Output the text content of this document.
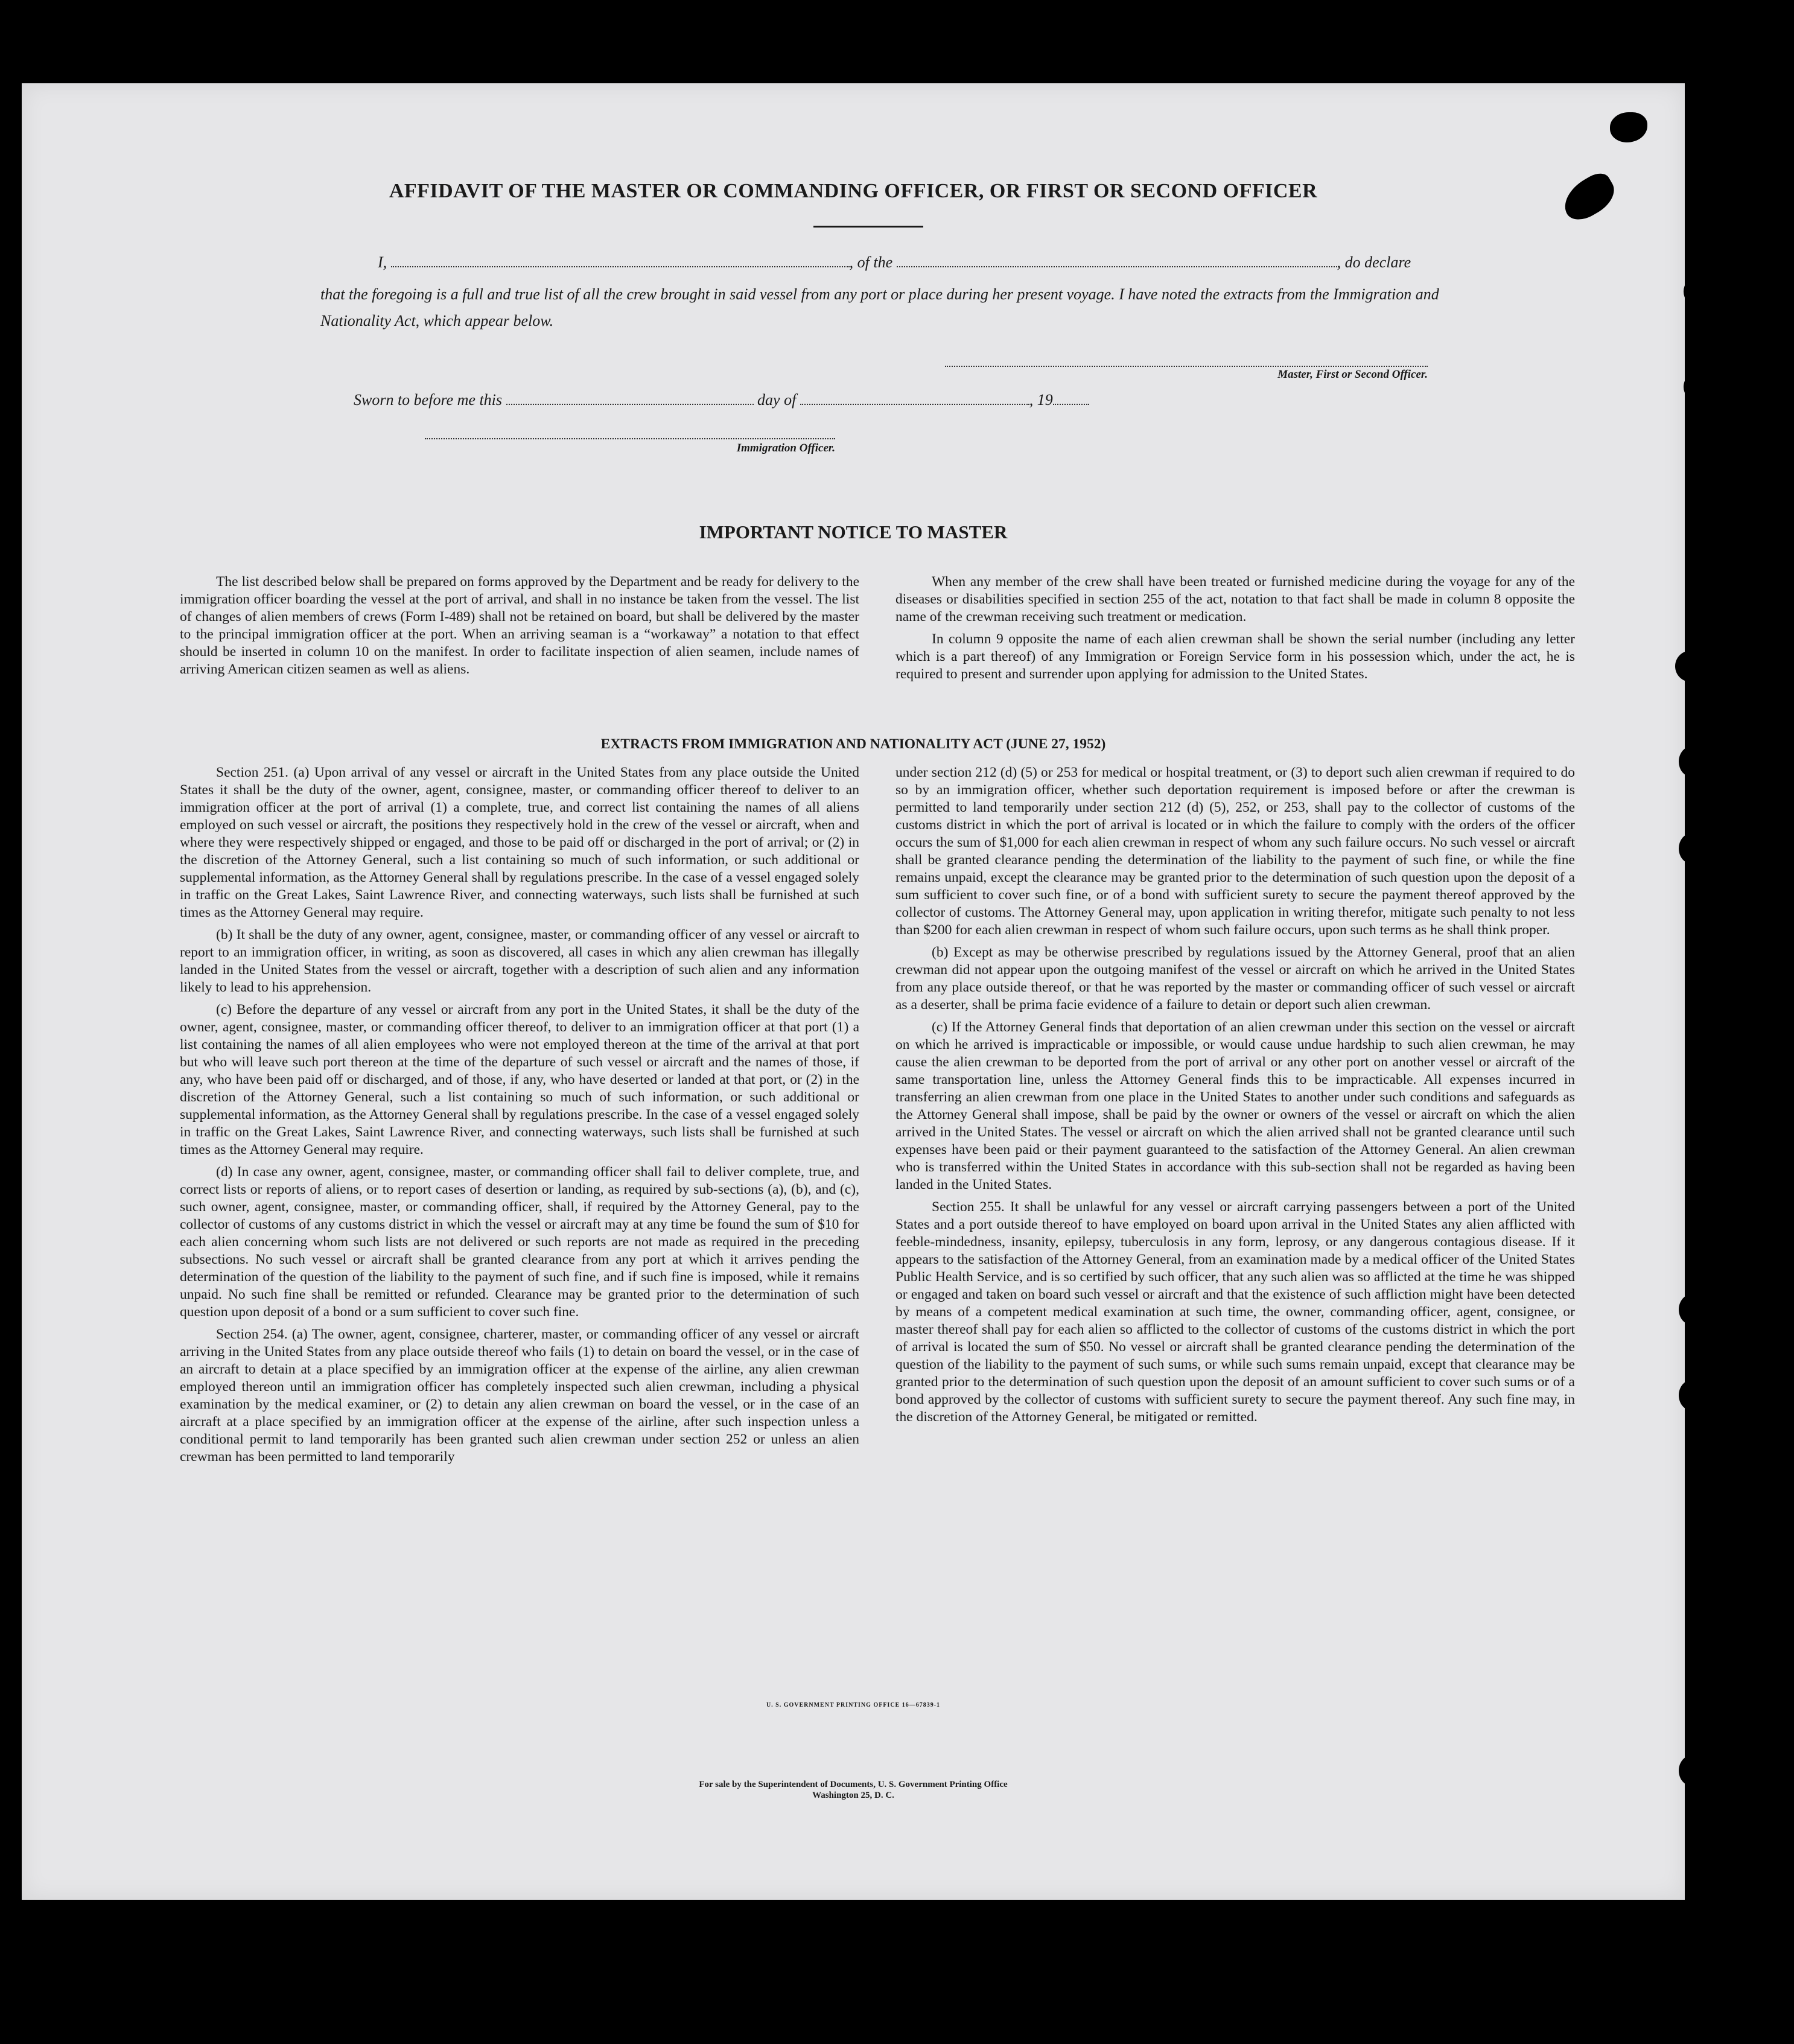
AFFIDAVIT OF THE MASTER OR COMMANDING OFFICER, OR FIRST OR SECOND OFFICER
I,	, of the	, do declare
that the foregoing is a full and true list of all the crew brought in said vessel from any port or place during her present voyage. I have noted the extracts from the Immigration and Nationality Act, which appear below.
Master, First or Second Officer.
Sworn to before me this	day of	, 19
Immigration Officer.
IMPORTANT NOTICE TO MASTER

The list described below shall be prepared on forms approved by the Department and be ready for delivery to the immigration officer boarding the vessel at the port of arrival, and shall in no instance be taken from the vessel. The list of changes of alien members of crews (Form I-489) shall not be retained on board, but shall be delivered by the master to the principal immigration officer at the port. When an arriving seaman is a “workaway” a notation to that effect should be inserted in column 10 on the manifest. In order to facilitate inspection of alien seamen, include names of arriving American citizen seamen as well as aliens.

When any member of the crew shall have been treated or furnished medicine during the voyage for any of the diseases or disabilities specified in section 255 of the act, notation to that fact shall be made in column 8 opposite the name of the crewman receiving such treatment or medication.

In column 9 opposite the name of each alien crewman shall be shown the serial number (including any letter which is a part thereof) of any Immigration or Foreign Service form in his possession which, under the act, he is required to present and surrender upon applying for admission to the United States.

EXTRACTS FROM IMMIGRATION AND NATIONALITY ACT (JUNE 27, 1952)

Section 251. (a) Upon arrival of any vessel or aircraft in the United States from any place outside the United States it shall be the duty of the owner, agent, consignee, master, or commanding officer thereof to deliver to an immigration officer at the port of arrival (1) a complete, true, and correct list containing the names of all aliens employed on such vessel or aircraft, the positions they respectively hold in the crew of the vessel or aircraft, when and where they were respectively shipped or engaged, and those to be paid off or discharged in the port of arrival; or (2) in the discretion of the Attorney General, such a list containing so much of such information, or such additional or supplemental information, as the Attorney General shall by regulations prescribe. In the case of a vessel engaged solely in traffic on the Great Lakes, Saint Lawrence River, and connecting waterways, such lists shall be furnished at such times as the Attorney General may require.

(b) It shall be the duty of any owner, agent, consignee, master, or commanding officer of any vessel or aircraft to report to an immigration officer, in writing, as soon as discovered, all cases in which any alien crewman has illegally landed in the United States from the vessel or aircraft, together with a description of such alien and any information likely to lead to his apprehension.

(c) Before the departure of any vessel or aircraft from any port in the United States, it shall be the duty of the owner, agent, consignee, master, or commanding officer thereof, to deliver to an immigration officer at that port (1) a list containing the names of all alien employees who were not employed thereon at the time of the arrival at that port but who will leave such port thereon at the time of the departure of such vessel or aircraft and the names of those, if any, who have been paid off or discharged, and of those, if any, who have deserted or landed at that port, or (2) in the discretion of the Attorney General, such a list containing so much of such information, or such additional or supplemental information, as the Attorney General shall by regulations prescribe. In the case of a vessel engaged solely in traffic on the Great Lakes, Saint Lawrence River, and connecting waterways, such lists shall be furnished at such times as the Attorney General may require.

(d) In case any owner, agent, consignee, master, or commanding officer shall fail to deliver complete, true, and correct lists or reports of aliens, or to report cases of desertion or landing, as required by sub-sections (a), (b), and (c), such owner, agent, consignee, master, or commanding officer, shall, if required by the Attorney General, pay to the collector of customs of any customs district in which the vessel or aircraft may at any time be found the sum of $10 for each alien concerning whom such lists are not delivered or such reports are not made as required in the preceding subsections. No such vessel or aircraft shall be granted clearance from any port at which it arrives pending the determination of the question of the liability to the payment of such fine, and if such fine is imposed, while it remains unpaid. No such fine shall be remitted or refunded. Clearance may be granted prior to the determination of such question upon deposit of a bond or a sum sufficient to cover such fine.

Section 254. (a) The owner, agent, consignee, charterer, master, or commanding officer of any vessel or aircraft arriving in the United States from any place outside thereof who fails (1) to detain on board the vessel, or in the case of an aircraft to detain at a place specified by an immigration officer at the expense of the airline, any alien crewman employed thereon until an immigration officer has completely inspected such alien crewman, including a physical examination by the medical examiner, or (2) to detain any alien crewman on board the vessel, or in the case of an aircraft at a place specified by an immigration officer at the expense of the airline, after such inspection unless a conditional permit to land temporarily has been granted such alien crewman under section 252 or unless an alien crewman has been permitted to land temporarily

under section 212 (d) (5) or 253 for medical or hospital treatment, or (3) to deport such alien crewman if required to do so by an immigration officer, whether such deportation requirement is imposed before or after the crewman is permitted to land temporarily under section 212 (d) (5), 252, or 253, shall pay to the collector of customs of the customs district in which the port of arrival is located or in which the failure to comply with the orders of the officer occurs the sum of $1,000 for each alien crewman in respect of whom any such failure occurs. No such vessel or aircraft shall be granted clearance pending the determination of the liability to the payment of such fine, or while the fine remains unpaid, except the clearance may be granted prior to the determination of such question upon the deposit of a sum sufficient to cover such fine, or of a bond with sufficient surety to secure the payment thereof approved by the collector of customs. The Attorney General may, upon application in writing therefor, mitigate such penalty to not less than $200 for each alien crewman in respect of whom such failure occurs, upon such terms as he shall think proper.

(b) Except as may be otherwise prescribed by regulations issued by the Attorney General, proof that an alien crewman did not appear upon the outgoing manifest of the vessel or aircraft on which he arrived in the United States from any place outside thereof, or that he was reported by the master or commanding officer of such vessel or aircraft as a deserter, shall be prima facie evidence of a failure to detain or deport such alien crewman.

(c) If the Attorney General finds that deportation of an alien crewman under this section on the vessel or aircraft on which he arrived is impracticable or impossible, or would cause undue hardship to such alien crewman, he may cause the alien crewman to be deported from the port of arrival or any other port on another vessel or aircraft of the same transportation line, unless the Attorney General finds this to be impracticable. All expenses incurred in transferring an alien crewman from one place in the United States to another under such conditions and safeguards as the Attorney General shall impose, shall be paid by the owner or owners of the vessel or aircraft on which the alien arrived in the United States. The vessel or aircraft on which the alien arrived shall not be granted clearance until such expenses have been paid or their payment guaranteed to the satisfaction of the Attorney General. An alien crewman who is transferred within the United States in accordance with this sub-section shall not be regarded as having been landed in the United States.

Section 255. It shall be unlawful for any vessel or aircraft carrying passengers between a port of the United States and a port outside thereof to have employed on board upon arrival in the United States any alien afflicted with feeble-mindedness, insanity, epilepsy, tuberculosis in any form, leprosy, or any dangerous contagious disease. If it appears to the satisfaction of the Attorney General, from an examination made by a medical officer of the United States Public Health Service, and is so certified by such officer, that any such alien was so afflicted at the time he was shipped or engaged and taken on board such vessel or aircraft and that the existence of such affliction might have been detected by means of a competent medical examination at such time, the owner, commanding officer, agent, consignee, or master thereof shall pay for each alien so afflicted to the collector of customs of the customs district in which the port of arrival is located the sum of $50. No vessel or aircraft shall be granted clearance pending the determination of the question of the liability to the payment of such sums, or while such sums remain unpaid, except that clearance may be granted prior to the determination of such question upon the deposit of an amount sufficient to cover such sums or of a bond approved by the collector of customs with sufficient surety to secure the payment thereof. Any such fine may, in the discretion of the Attorney General, be mitigated or remitted.

U. S. GOVERNMENT PRINTING OFFICE 16—67839-1
For sale by the Superintendent of Documents, U. S. Government Printing Office
Washington 25, D. C.
